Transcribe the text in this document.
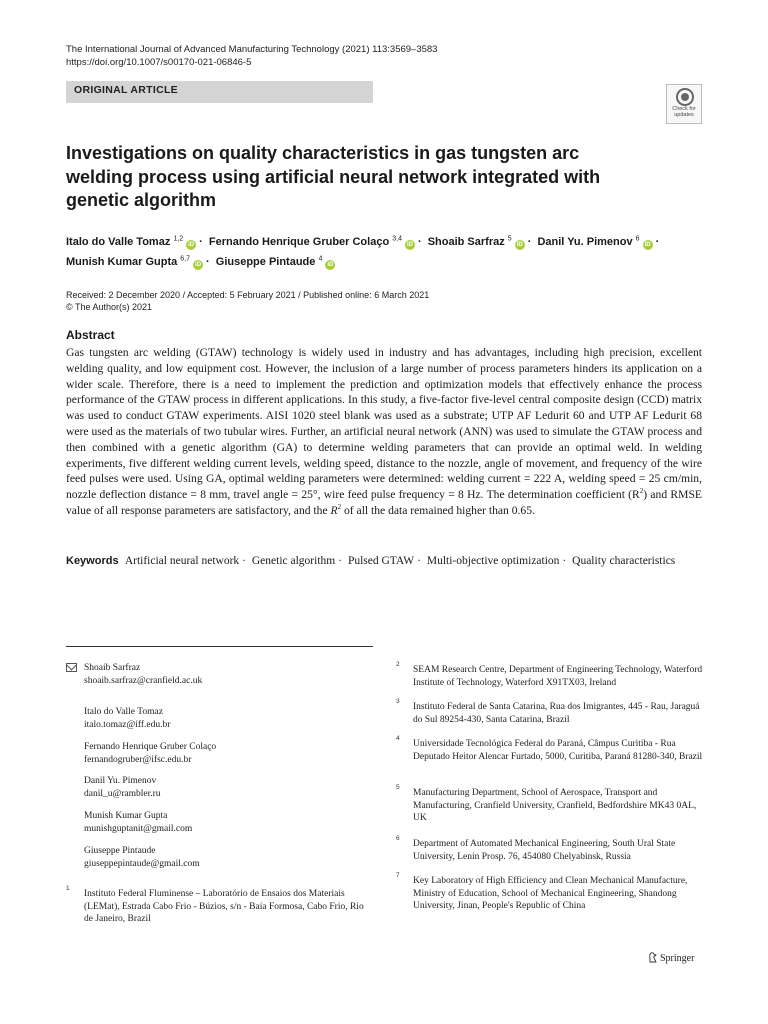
The International Journal of Advanced Manufacturing Technology (2021) 113:3569–3583
https://doi.org/10.1007/s00170-021-06846-5
ORIGINAL ARTICLE
Check for updates
Investigations on quality characteristics in gas tungsten arc welding process using artificial neural network integrated with genetic algorithm
Italo do Valle Tomaz $^{1,2}$iD · Fernando Henrique Gruber Colaço $^{3,4}$iD · Shoaib Sarfraz $^5$iD · Danil Yu. Pimenov $^6$iD ·
Munish Kumar Gupta $^{6,7}$iD · Giuseppe Pintaude $^4$iD
Received: 2 December 2020 / Accepted: 5 February 2021 / Published online: 6 March 2021
© The Author(s) 2021
Abstract
Gas tungsten arc welding (GTAW) technology is widely used in industry and has advantages, including high precision, excellent welding quality, and low equipment cost. However, the inclusion of a large number of process parameters hinders its application on a wider scale. Therefore, there is a need to implement the prediction and optimization models that effectively enhance the process performance of the GTAW process in different applications. In this study, a five-factor five-level central composite design (CCD) matrix was used to conduct GTAW experiments. AISI 1020 steel blank was used as a substrate; UTP AF Ledurit 60 and UTP AF Ledurit 68 were used as the materials of two tubular wires. Further, an artificial neural network (ANN) was used to simulate the GTAW process and then combined with a genetic algorithm (GA) to determine welding parameters that can provide an optimal weld. In welding experiments, five different welding current levels, welding speed, distance to the nozzle, angle of movement, and frequency of the wire feed pulses were used. Using GA, optimal welding parameters were determined: welding current = 222 A, welding speed = 25 cm/min, nozzle deflection distance = 8 mm, travel angle = 25°, wire feed pulse frequency = 8 Hz. The determination coefficient $(R^2)$ and RMSE value of all response parameters are satisfactory, and the $R^2$ of all the data remained higher than 0.65.
Keywords Artificial neural network · Genetic algorithm · Pulsed GTAW · Multi-objective optimization · Quality characteristics
Shoaib Sarfraz
shoaib.sarfraz@cranfield.ac.uk
Italo do Valle Tomaz
italo.tomaz@iff.edu.br
Fernando Henrique Gruber Colaço
fernandogruber@ifsc.edu.br
Danil Yu. Pimenov
danil_u@rambler.ru
Munish Kumar Gupta
munishguptanit@gmail.com
Giuseppe Pintaude
giuseppepintaude@gmail.com
1
Instituto Federal Fluminense – Laboratório de Ensaios dos Materiais (LEMat), Estrada Cabo Frio - Búzios, s/n - Baía Formosa, Cabo Frio, Rio de Janeiro, Brazil
2
SEAM Research Centre, Department of Engineering Technology, Waterford Institute of Technology, Waterford X91TX03, Ireland
3
Instituto Federal de Santa Catarina, Rua dos Imigrantes, 445 - Rau, Jaraguá do Sul 89254-430, Santa Catarina, Brazil
4
Universidade Tecnológica Federal do Paraná, Câmpus Curitiba - Rua Deputado Heitor Alencar Furtado, 5000, Curitiba, Paraná 81280-340, Brazil
5
Manufacturing Department, School of Aerospace, Transport and Manufacturing, Cranfield University, Cranfield, Bedfordshire MK43 0AL, UK
6
Department of Automated Mechanical Engineering, South Ural State University, Lenin Prosp. 76, 454080 Chelyabinsk, Russia
7
Key Laboratory of High Efficiency and Clean Mechanical Manufacture, Ministry of Education, School of Mechanical Engineering, Shandong University, Jinan, People's Republic of China
Springer
